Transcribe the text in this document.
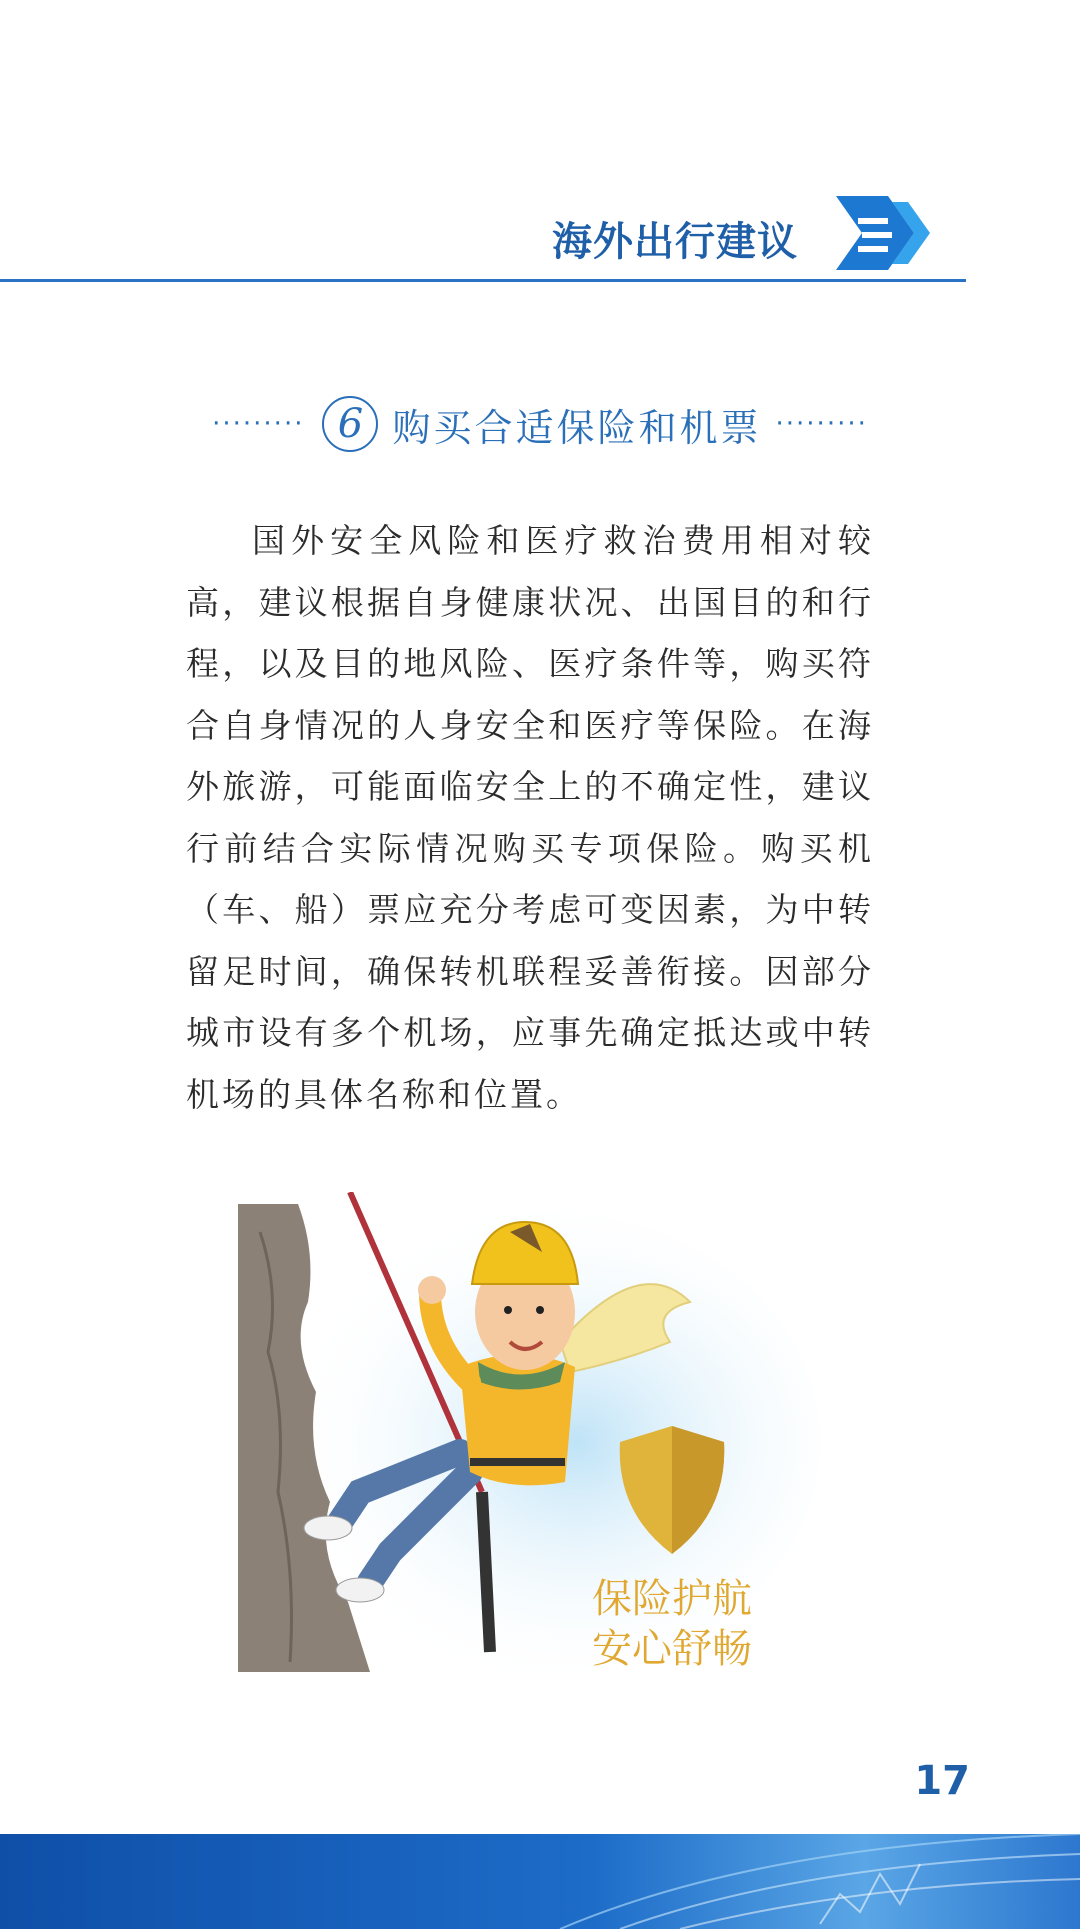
海外出行建议
········· 6 购买合适保险和机票 ·········
国外安全风险和医疗救治费用相对较高，建议根据自身健康状况、出国目的和行程，以及目的地风险、医疗条件等，购买符合自身情况的人身安全和医疗等保险。在海外旅游，可能面临安全上的不确定性，建议行前结合实际情况购买专项保险。购买机（车、船）票应充分考虑可变因素，为中转留足时间，确保转机联程妥善衔接。因部分城市设有多个机场，应事先确定抵达或中转机场的具体名称和位置。
保险护航
安心舒畅
17
